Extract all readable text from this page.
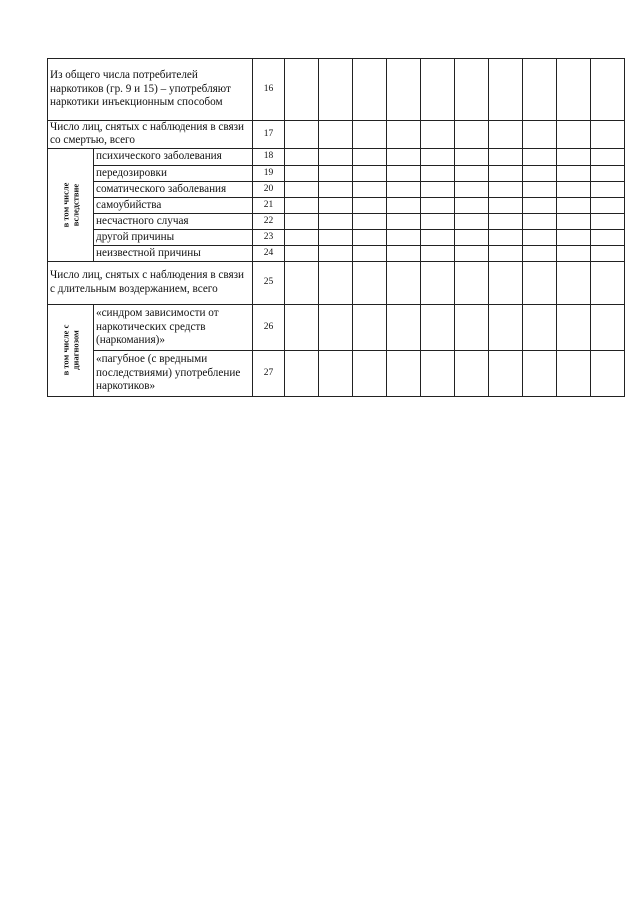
Из общего числа потребителей наркотиков (гр. 9 и 15) – употребляют наркотики инъекционным способом		16										
Число лиц, снятых с наблюдения в связи со смертью, всего		17										

в том числе
вследствие	психического заболевания	18										
	передозировки	19										
	соматического заболевания	20										
	самоубийства	21										
	несчастного случая	22										
	другой причины	23										
	неизвестной причины	24										
Число лиц, снятых с наблюдения в связи с длительным воздержанием, всего		25										

в том числе с
диагнозом	«синдром зависимости от наркотических средств (наркомания)»	26										
	«пагубное (с вредными последствиями) употребление наркотиков»	27										
